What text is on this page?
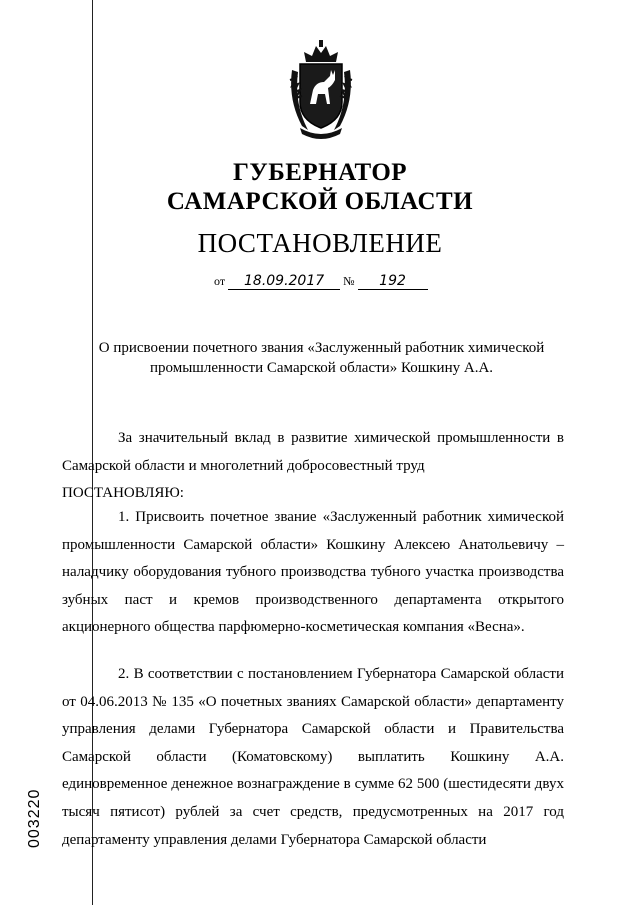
ГУБЕРНАТОР
САМАРСКОЙ ОБЛАСТИ
ПОСТАНОВЛЕНИЕ
от 18.09.2017 № 192
О присвоении почетного звания «Заслуженный работник химической промышленности Самарской области» Кошкину А.А.
За значительный вклад в развитие химической промышленности в Самарской области и многолетний добросовестный труд
ПОСТАНОВЛЯЮ:
1. Присвоить почетное звание «Заслуженный работник химической промышленности Самарской области» Кошкину Алексею Анатольевичу – наладчику оборудования тубного производства тубного участка производства зубных паст и кремов производственного департамента открытого акционерного общества парфюмерно-косметическая компания «Весна».
2. В соответствии с постановлением Губернатора Самарской области от 04.06.2013 № 135 «О почетных званиях Самарской области» департаменту управления делами Губернатора Самарской области и Правительства Самарской области (Коматовскому) выплатить Кошкину А.А. единовременное денежное вознаграждение в сумме 62 500 (шестидесяти двух тысяч пятисот) рублей за счет средств, предусмотренных на 2017 год департаменту управления делами Губернатора Самарской области
003220
